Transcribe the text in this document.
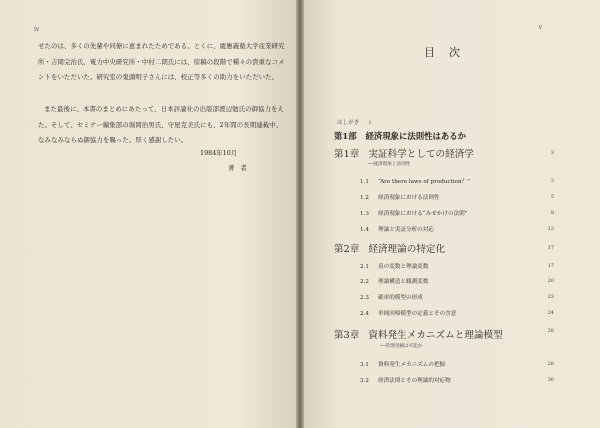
iv

せたのは、多くの先輩や同僚に恵まれたためである。とくに、慶應義塾大学産業研究所・吉岡完治氏、電力中央研究所・中村二朗氏には、原稿の段階で種々の貴重なコメントをいただいた。研究室の鬼頭明子さんには、校正等多くの助力をいただいた。

また最後に、本書のまとめにあたって、日本評論社の出版部渡辺勉氏の御協力をえた。そして、セミナー編集部の堀岡治男氏、守屋克美氏にも、2年間の長期連載中、なみなみならぬ御協力を賜った。厚く感謝したい。

1984年10月
著者
v
目次
はしがき i
第1部 経済現象に法則性はあるか
第1章 実証科学としての経済学	3
──経済現象と法則性
1.1 “Are there laws of production？”	3
1.2 経済現象における法則性	5
1.3 経済現象における“みせかけの法則”	8
1.4 理論と実証分析の対応	13
第2章 経済理論の特定化	17
2.1 真の変数と理論変数	17
2.2 理論構造と観測変数	20
2.3 確率的模型の形成	23
2.4 単純回帰模型の定義とその含意	24
第3章 資料発生メカニズムと理論模型	28
──管理実験は可能か
3.1 資料発生メカニズムの把握	28
3.2 経済法則とその理論的対応物	30
